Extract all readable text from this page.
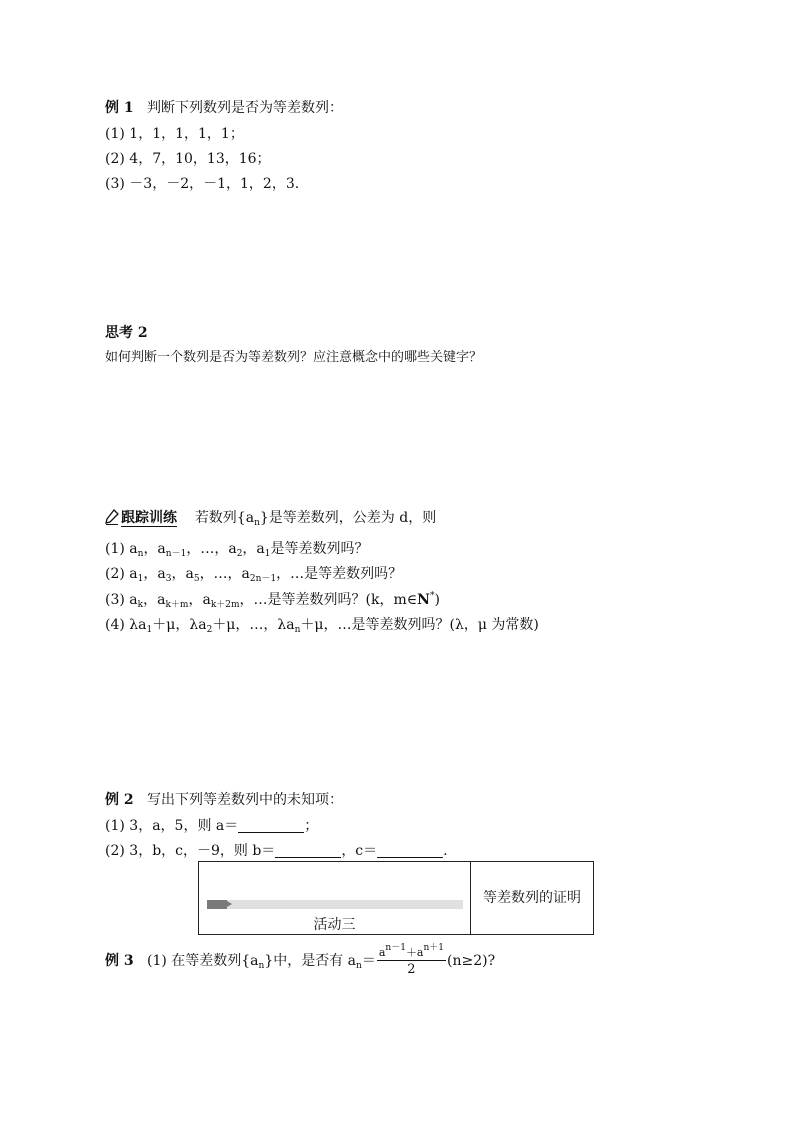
例 1 判断下列数列是否为等差数列：
(1) 1，1，1，1，1；
(2) 4，7，10，13，16；
(3) －3，－2，－1，1，2，3.
思考 2
如何判断一个数列是否为等差数列？应注意概念中的哪些关键字？
跟踪训练 若数列$\{a_n\}$是等差数列，公差为 d，则
(1) $a_n$，$a_{n-1}$，…，$a_2$，$a_1$是等差数列吗？
(2) $a_1$，$a_3$，$a_5$，…，$a_{2n-1}$，…是等差数列吗？
(3) $a_k$，$a_{k+m}$，$a_{k+2m}$，…是等差数列吗？(k，m∈N*)
(4) $\lambda a_1+\mu$，$\lambda a_2+\mu$，…，$\lambda a_n+\mu$，…是等差数列吗？(λ，μ 为常数)
例 2 写出下列等差数列中的未知项：
(1) 3，a，5，则 a＝	；
(2) 3，b，c，－9，则 b＝	，c＝	.
活动三
等差数列的证明
例 3 (1) 在等差数列$\{a_n\}$中，是否有 $a_n= \frac{a^{n-1}+a^{n+1}}{2} (n\ge 2)$?
